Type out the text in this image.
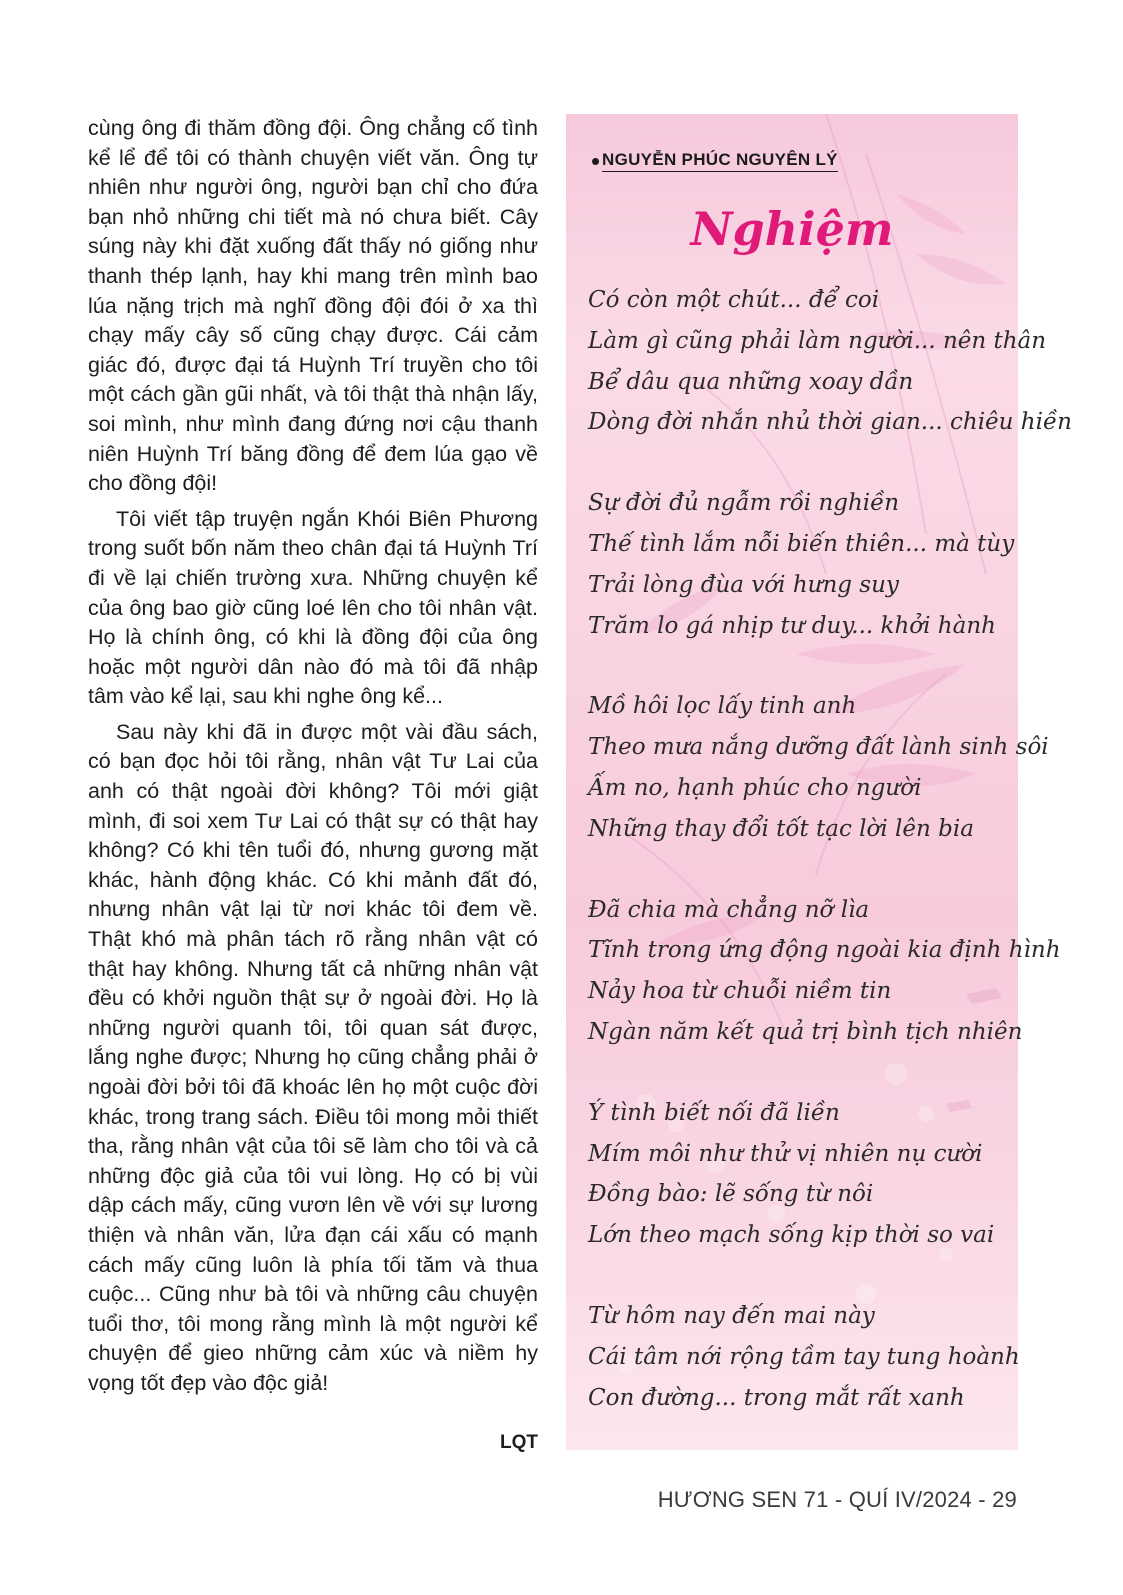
cùng ông đi thăm đồng đội. Ông chẳng cố tình kể lể để tôi có thành chuyện viết văn. Ông tự nhiên như người ông, người bạn chỉ cho đứa bạn nhỏ những chi tiết mà nó chưa biết. Cây súng này khi đặt xuống đất thấy nó giống như thanh thép lạnh, hay khi mang trên mình bao lúa nặng trịch mà nghĩ đồng đội đói ở xa thì chạy mấy cây số cũng chạy được. Cái cảm giác đó, được đại tá Huỳnh Trí truyền cho tôi một cách gần gũi nhất, và tôi thật thà nhận lấy, soi mình, như mình đang đứng nơi cậu thanh niên Huỳnh Trí băng đồng để đem lúa gạo về cho đồng đội!

Tôi viết tập truyện ngắn Khói Biên Phương trong suốt bốn năm theo chân đại tá Huỳnh Trí đi về lại chiến trường xưa. Những chuyện kể của ông bao giờ cũng loé lên cho tôi nhân vật. Họ là chính ông, có khi là đồng đội của ông hoặc một người dân nào đó mà tôi đã nhập tâm vào kể lại, sau khi nghe ông kể...

Sau này khi đã in được một vài đầu sách, có bạn đọc hỏi tôi rằng, nhân vật Tư Lai của anh có thật ngoài đời không? Tôi mới giật mình, đi soi xem Tư Lai có thật sự có thật hay không? Có khi tên tuổi đó, nhưng gương mặt khác, hành động khác. Có khi mảnh đất đó, nhưng nhân vật lại từ nơi khác tôi đem về. Thật khó mà phân tách rõ rằng nhân vật có thật hay không. Nhưng tất cả những nhân vật đều có khởi nguồn thật sự ở ngoài đời. Họ là những người quanh tôi, tôi quan sát được, lắng nghe được; Nhưng họ cũng chẳng phải ở ngoài đời bởi tôi đã khoác lên họ một cuộc đời khác, trong trang sách. Điều tôi mong mỏi thiết tha, rằng nhân vật của tôi sẽ làm cho tôi và cả những độc giả của tôi vui lòng. Họ có bị vùi dập cách mấy, cũng vươn lên về với sự lương thiện và nhân văn, lửa đạn cái xấu có mạnh cách mấy cũng luôn là phía tối tăm và thua cuộc... Cũng như bà tôi và những câu chuyện tuổi thơ, tôi mong rằng mình là một người kể chuyện để gieo những cảm xúc và niềm hy vọng tốt đẹp vào độc giả!

LQT
NGUYỄN PHÚC NGUYÊN LÝ
Nghiệm
Có còn một chút... để coi
Làm gì cũng phải làm người... nên thân
Bể dâu qua những xoay dần
Dòng đời nhắn nhủ thời gian... chiêu hiền
Sự đời đủ ngẫm rồi nghiền
Thế tình lắm nỗi biến thiên... mà tùy
Trải lòng đùa với hưng suy
Trăm lo gá nhịp tư duy... khởi hành
Mồ hôi lọc lấy tinh anh
Theo mưa nắng dưỡng đất lành sinh sôi
Ấm no, hạnh phúc cho người
Những thay đổi tốt tạc lời lên bia
Đã chia mà chẳng nỡ lìa
Tĩnh trong ứng động ngoài kia định hình
Nảy hoa từ chuỗi niềm tin
Ngàn năm kết quả trị bình tịch nhiên
Ý tình biết nối đã liền
Mím môi như thử vị nhiên nụ cười
Đồng bào: lẽ sống từ nôi
Lớn theo mạch sống kịp thời so vai
Từ hôm nay đến mai này
Cái tâm nới rộng tầm tay tung hoành
Con đường... trong mắt rất xanh
HƯƠNG SEN 71 - QUÍ IV/2024 - 29
